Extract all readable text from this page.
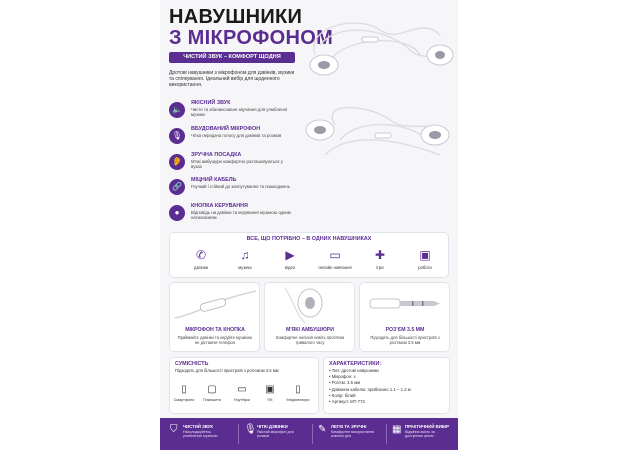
НАВУШНИКИ
З МІКРОФОНОМ
ЧИСТИЙ ЗВУК – КОМФОРТ ЩОДНЯ
Дротові навушники з мікрофоном для дзвінків, музики та спілкування. Ідеальний вибір для щоденного використання.
🔈
ЯКІСНИЙ ЗВУК
Чисте та збалансоване звучання для улюбленої музики
🎙
ВБУДОВАНИЙ МІКРОФОН
Чітка передача голосу для дзвінків та розмов
👂
ЗРУЧНА ПОСАДКА
М'які амбушури комфортно розташовуються у вухах
🔗
МІЦНИЙ КАБЕЛЬ
Гнучкий і стійкий до заплутування та пошкоджень
●
КНОПКА КЕРУВАННЯ
Відповідь на дзвінки та керування музикою одним натисканням
ВСЕ, ЩО ПОТРІБНО – В ОДНИХ НАВУШНИКАХ
✆
дзвінки
♫
музика
▶
відео
▭
онлайн навчання
✚
ігри
▣
робота
МІКРОФОН ТА КНОПКА
Приймайте дзвінки та керуйте музикою не дістаючи телефон
М'ЯКІ АМБУШЮРИ
Комфортне носіння навіть протягом тривалого часу
РОЗ'ЄМ 3.5 ММ
Підходить для більшості пристроїв з роз'ємом 3.5 мм
СУМІСНІСТЬ
Підходить для більшості пристроїв з роз'ємом 3.5 мм
▯
Смартфони
▢
Планшети
▭
Ноутбуки
▣
ПК
▯
Медіаплеєри
ХАРАКТЕРИСТИКИ:
• Тип: дротові навушники
• Мікрофон: є
• Роз'єм: 3.5 мм
• Довжина кабелю: приблизно 1.1 – 1.2 м
• Колір: білий
• Артикул: МТ-772
⛉ ЧИСТИЙ ЗВУК
Насолоджуйтесь улюбленою музикою
🎙 ЧІТКІ ДЗВІНКИ
Якісний мікрофон для розмов
✎ ЛЕГКІ ТА ЗРУЧНІ
Комфортне використання кожного дня
▦ ПРАКТИЧНИЙ ВИБІР
Відмінна якість за доступною ціною
